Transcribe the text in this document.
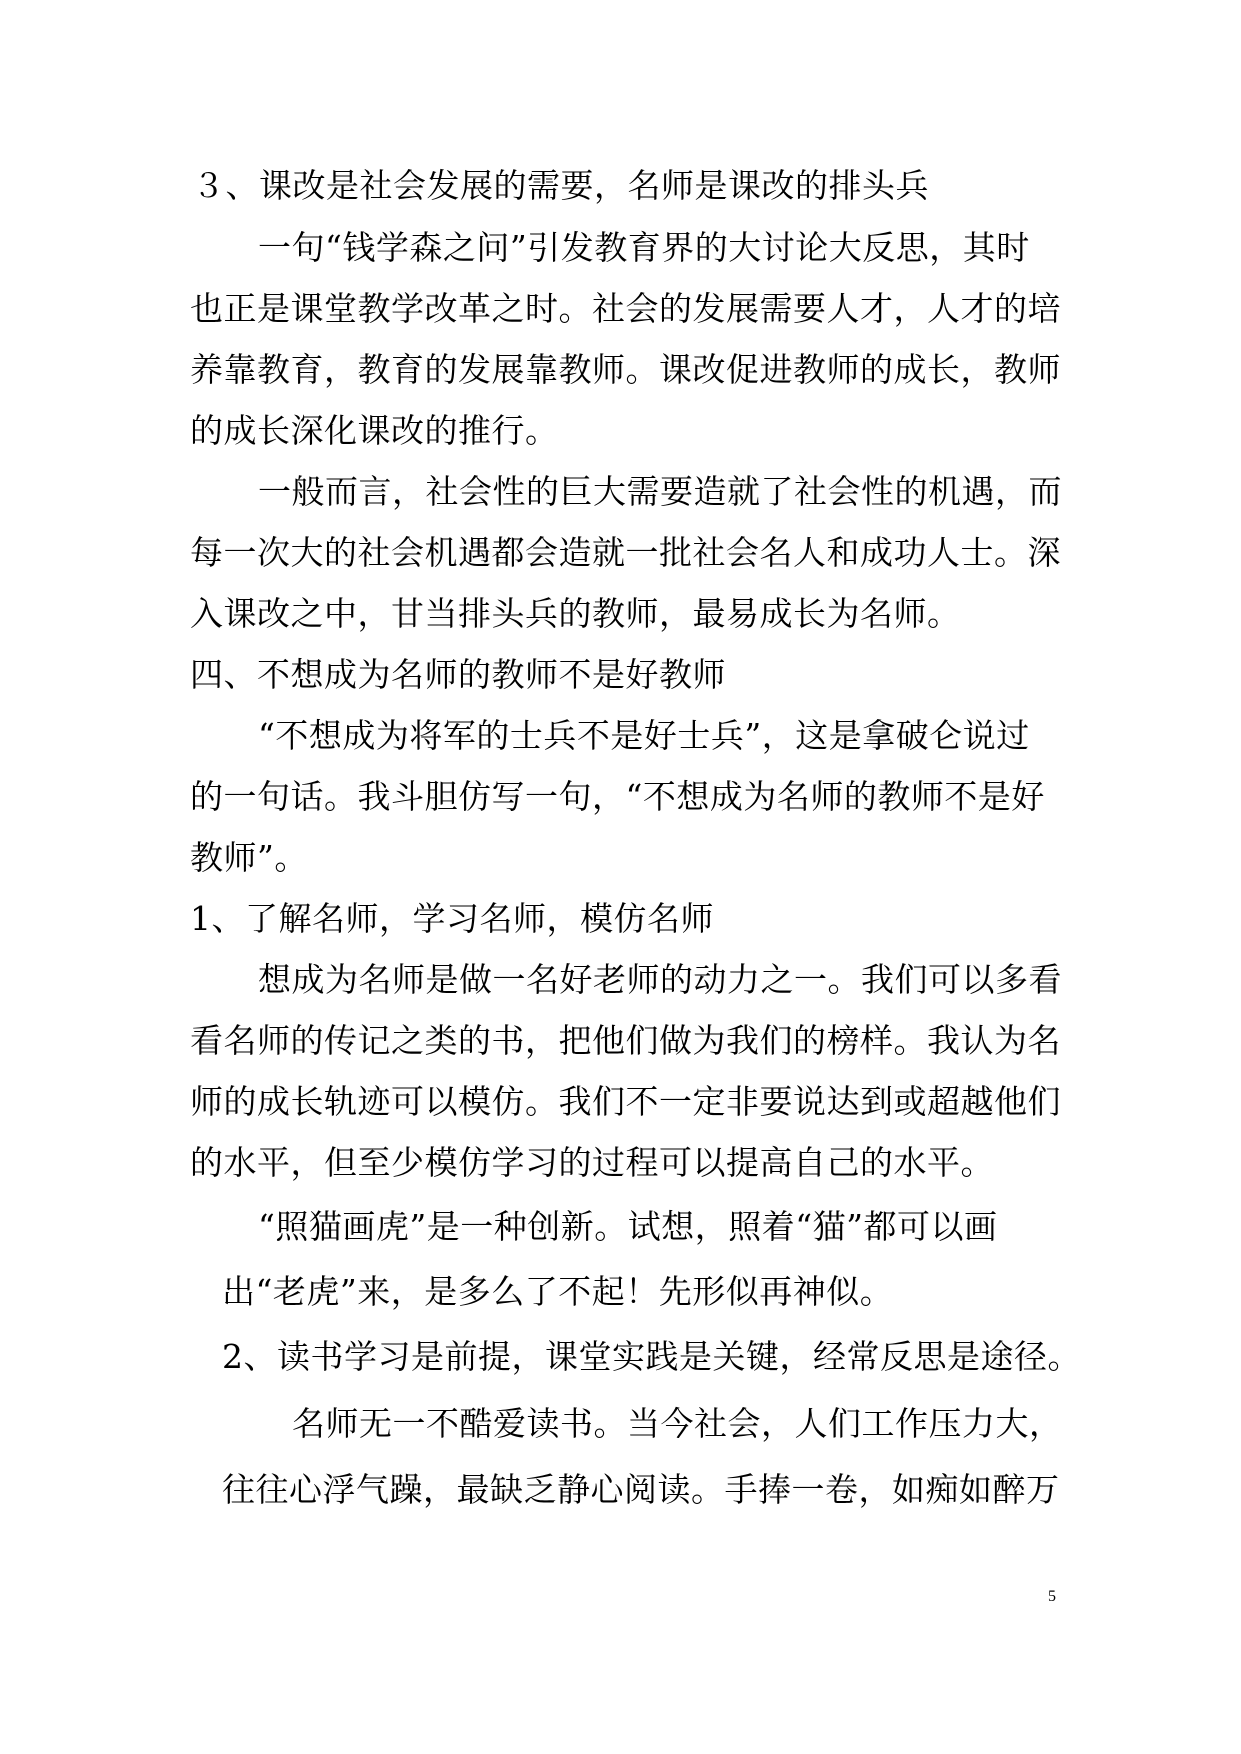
３、课改是社会发展的需要，名师是课改的排头兵
一句“钱学森之问”引发教育界的大讨论大反思，其时
也正是课堂教学改革之时。社会的发展需要人才，人才的培
养靠教育，教育的发展靠教师。课改促进教师的成长，教师
的成长深化课改的推行。
一般而言，社会性的巨大需要造就了社会性的机遇，而
每一次大的社会机遇都会造就一批社会名人和成功人士。深
入课改之中，甘当排头兵的教师，最易成长为名师。
四、不想成为名师的教师不是好教师
“不想成为将军的士兵不是好士兵”，这是拿破仑说过
的一句话。我斗胆仿写一句，“不想成为名师的教师不是好
教师”。
1、了解名师，学习名师，模仿名师
想成为名师是做一名好老师的动力之一。我们可以多看
看名师的传记之类的书，把他们做为我们的榜样。我认为名
师的成长轨迹可以模仿。我们不一定非要说达到或超越他们
的水平，但至少模仿学习的过程可以提高自己的水平。
“照猫画虎”是一种创新。试想，照着“猫”都可以画
出“老虎”来，是多么了不起！先形似再神似。
2、读书学习是前提，课堂实践是关键，经常反思是途径。
名师无一不酷爱读书。当今社会，人们工作压力大，
往往心浮气躁，最缺乏静心阅读。手捧一卷，如痴如醉万
5
